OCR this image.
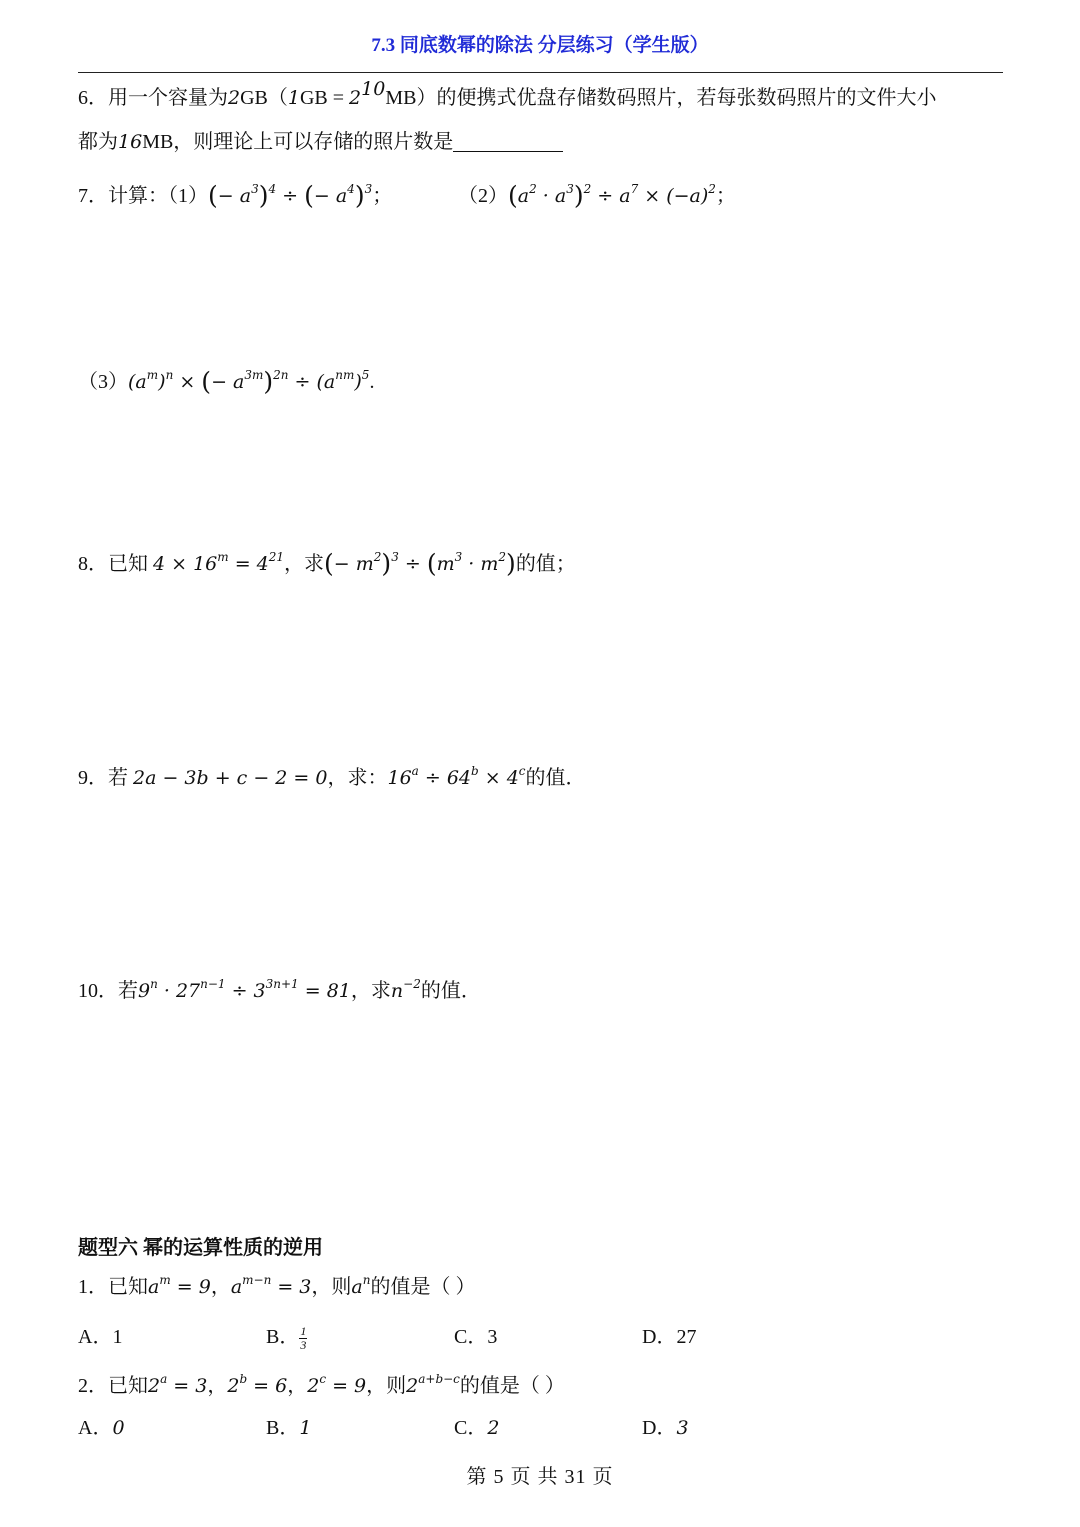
7.3 同底数幂的除法 分层练习（学生版）
6．用一个容量为$2GB(1GB = 2^{10}MB)$的便携式优盘存储数码照片，若每张数码照片的文件大小
都为16MB，则理论上可以存储的照片数是
7．计算：$(1)(- a^3)^4$ ÷ (− $a^4)^3$；	$(2)(a^2 \cdot a^3)^2 \div a^7 \times (-a)^2$；
$(3)(a^m)^n$ × (− $a^{3m})^{2n} \div (a^{nm})^5$.
8．已知 $4 \times 16^m = 4^{21}$，求(− $m^2)^3 \div (m^3 \cdot m^2)$的值；
9．若 2a − 3b + c − 2 = 0，求：$16^a \div 64^b \times 4^c$的值．
10．若$9^n \cdot 27^{n-1} \div 3^{3n+1} = 81$，求$n^{-2}$的值．
题型六 幂的运算性质的逆用
1．已知$a^m = 9$，$a^{m-n} = 3$，则$a^n$的值是（ ）
A．1	B． $\frac{1}{3}$	C．3	D．27
2．已知$2^a = 3$，$2^b = 6$，$2^c = 9$，则$2^{a+b-c}$的值是（ ）
A．0	B．1	C．2	D．3
第 5 页 共 31 页
